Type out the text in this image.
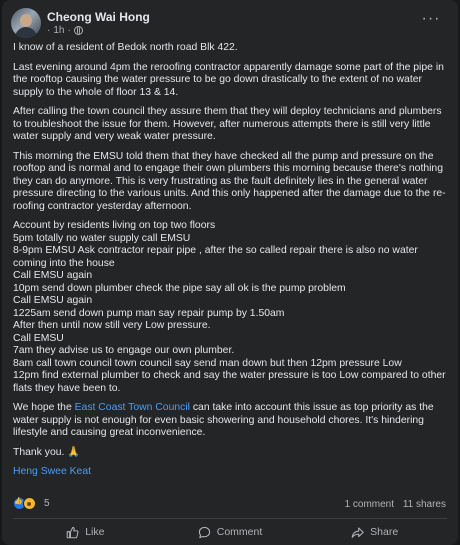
Cheong Wai Hong
· 1h ·
···

I know of a resident of Bedok north road Blk 422.

Last evening around 4pm the reroofing contractor apparently damage some part of the pipe in the rooftop causing the water pressure to be go down drastically to the extent of no water supply to the whole of floor 13 & 14.

After calling the town council they assure them that they will deploy technicians and plumbers to troubleshoot the issue for them. However, after numerous attempts there is still very little water supply and very weak water pressure.

This morning the EMSU told them that they have checked all the pump and pressure on the rooftop and is normal and to engage their own plumbers this morning because there's nothing they can do anymore. This is very frustrating as the fault definitely lies in the general water pressure directing to the various units. And this only happened after the damage due to the re-roofing contractor yesterday afternoon.

Account by residents living on top two floors

5pm totally no water supply call EMSU

8-9pm EMSU Ask contractor repair pipe , after the so called repair there is also no water coming into the house

Call EMSU again

10pm send down plumber check the pipe say all ok is the pump problem

Call EMSU again

1225am send down pump man say repair pump by 1.50am

After then until now still very Low pressure.

Call EMSU

7am they advise us to engage our own plumber.

8am call town council town council say send man down but then 12pm pressure Low

12pm find external plumber to check and say the water pressure is too Low compared to other flats they have been to.

We hope the East Coast Town Council can take into account this issue as top priority as the water supply is not enough for even basic showering and household chores. It's hindering lifestyle and causing great inconvenience.

Thank you. 🙏

Heng Swee Keat

👍
5	1 comment 11 shares
Like	Comment	Share
